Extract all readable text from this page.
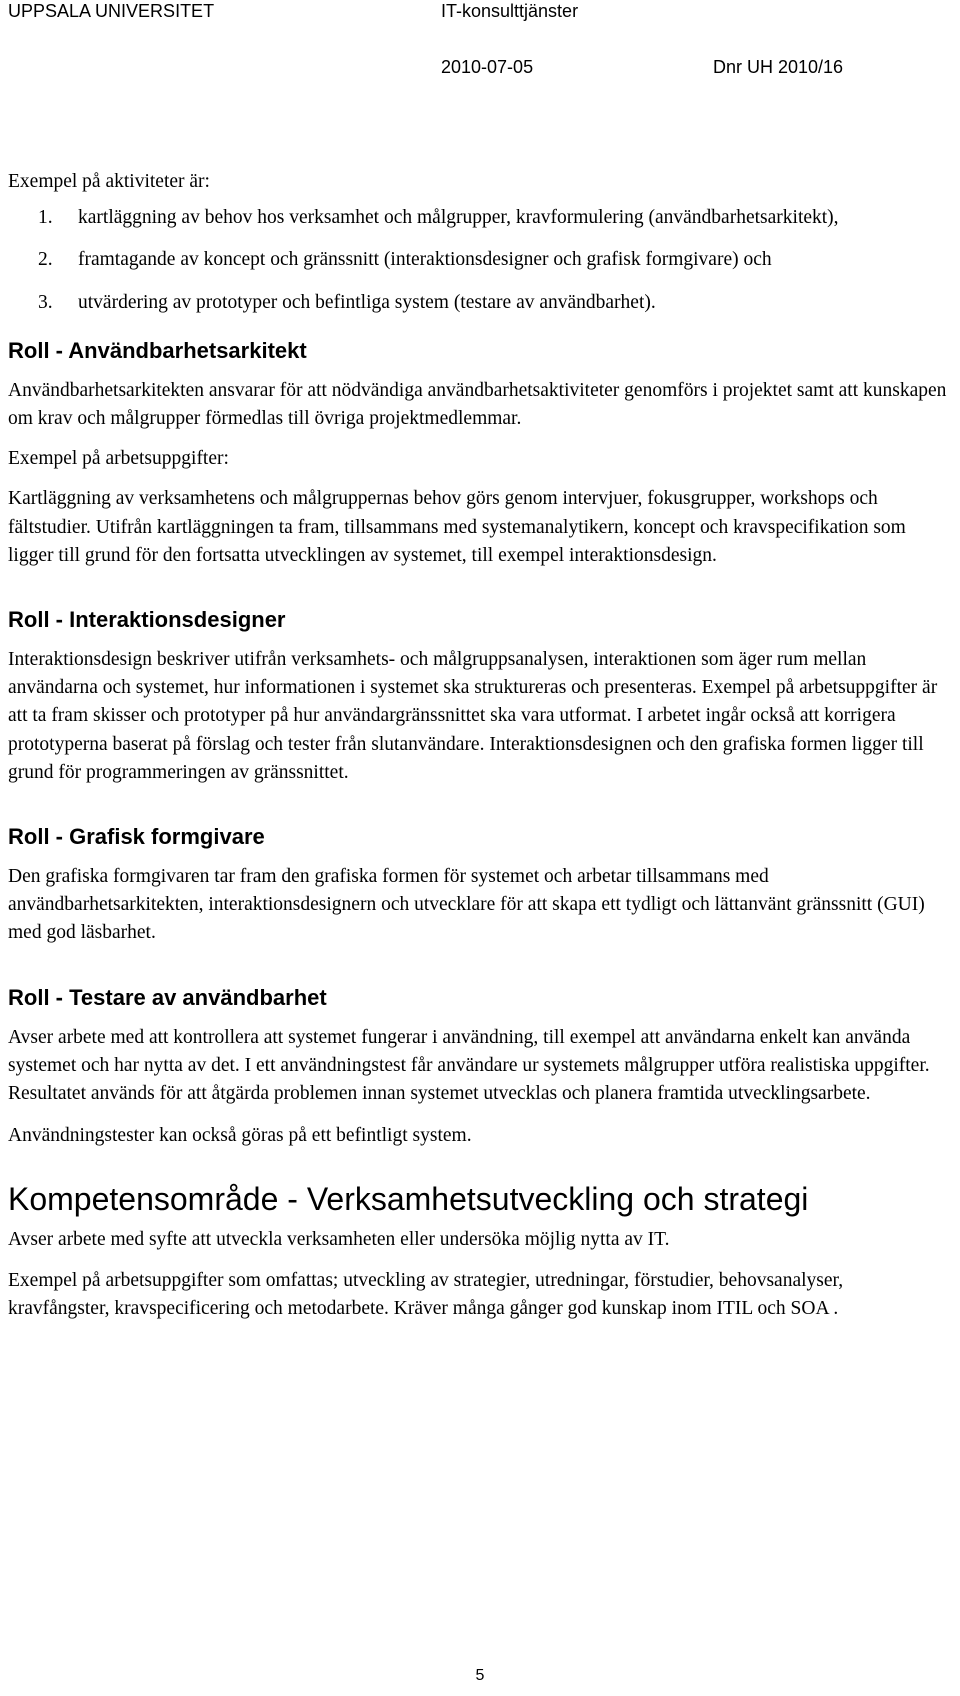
UPPSALA UNIVERSITET	IT-konsulttjänster
2010-07-05	Dnr UH 2010/16

Exempel på aktiviteter är:

1. kartläggning av behov hos verksamhet och målgrupper, kravformulering (användbarhetsarkitekt),
2. framtagande av koncept och gränssnitt (interaktionsdesigner och grafisk formgivare) och
3. utvärdering av prototyper och befintliga system (testare av användbarhet).
Roll - Användbarhetsarkitekt

Användbarhetsarkitekten ansvarar för att nödvändiga användbarhetsaktiviteter genomförs i projektet samt att kunskapen om krav och målgrupper förmedlas till övriga projektmedlemmar.

Exempel på arbetsuppgifter:

Kartläggning av verksamhetens och målgruppernas behov görs genom intervjuer, fokusgrupper, workshops och fältstudier. Utifrån kartläggningen ta fram, tillsammans med systemanalytikern, koncept och kravspecifikation som ligger till grund för den fortsatta utvecklingen av systemet, till exempel interaktionsdesign.

Roll - Interaktionsdesigner

Interaktionsdesign beskriver utifrån verksamhets- och målgruppsanalysen, interaktionen som äger rum mellan användarna och systemet, hur informationen i systemet ska struktureras och presenteras. Exempel på arbetsuppgifter är att ta fram skisser och prototyper på hur användargränssnittet ska vara utformat. I arbetet ingår också att korrigera prototyperna baserat på förslag och tester från slutanvändare. Interaktionsdesignen och den grafiska formen ligger till grund för programmeringen av gränssnittet.

Roll - Grafisk formgivare

Den grafiska formgivaren tar fram den grafiska formen för systemet och arbetar tillsammans med användbarhetsarkitekten, interaktionsdesignern och utvecklare för att skapa ett tydligt och lättanvänt gränssnitt (GUI) med god läsbarhet.

Roll - Testare av användbarhet

Avser arbete med att kontrollera att systemet fungerar i användning, till exempel att användarna enkelt kan använda systemet och har nytta av det. I ett användningstest får användare ur systemets målgrupper utföra realistiska uppgifter. Resultatet används för att åtgärda problemen innan systemet utvecklas och planera framtida utvecklingsarbete.

Användningstester kan också göras på ett befintligt system.

Kompetensområde - Verksamhetsutveckling och strategi

Avser arbete med syfte att utveckla verksamheten eller undersöka möjlig nytta av IT.

Exempel på arbetsuppgifter som omfattas; utveckling av strategier, utredningar, förstudier, behovsanalyser, kravfångster, kravspecificering och metodarbete. Kräver många gånger god kunskap inom ITIL och SOA .

5
